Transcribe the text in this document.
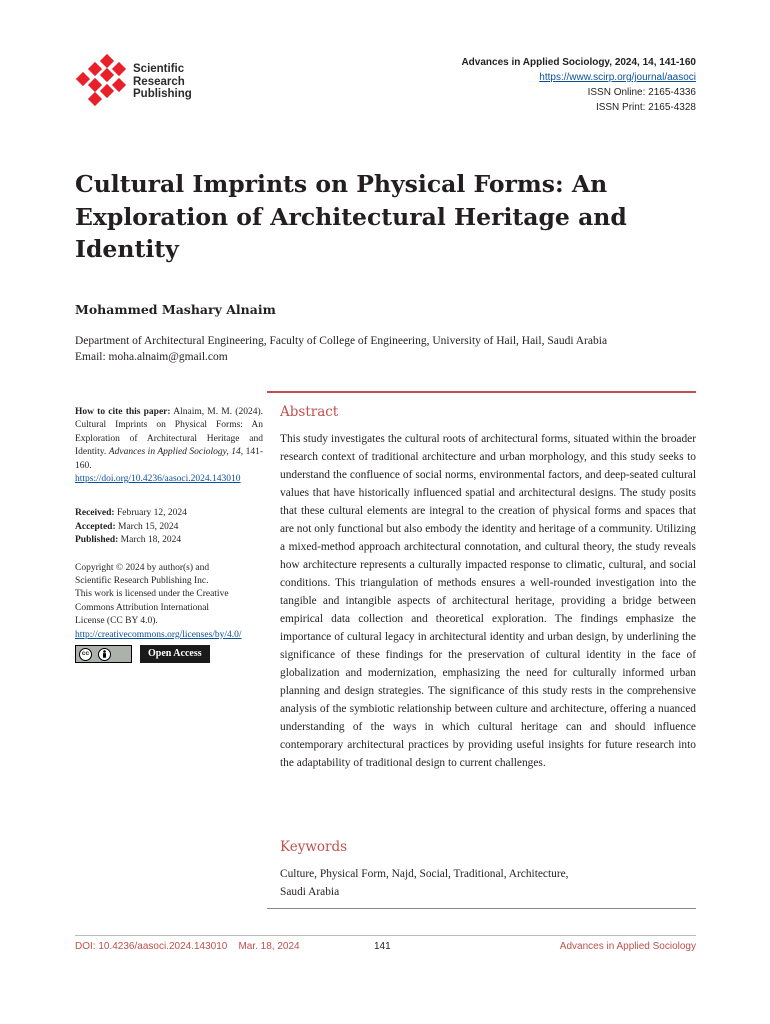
Scientific
Research
Publishing
Advances in Applied Sociology, 2024, 14, 141-160
https://www.scirp.org/journal/aasoci
ISSN Online: 2165-4336
ISSN Print: 2165-4328
Cultural Imprints on Physical Forms: An Exploration of Architectural Heritage and Identity

Mohammed Mashary Alnaim

Department of Architectural Engineering, Faculty of College of Engineering, University of Hail, Hail, Saudi Arabia
Email: moha.alnaim@gmail.com
How to cite this paper: Alnaim, M. M. (2024). Cultural Imprints on Physical Forms: An Exploration of Architectural Heritage and Identity. Advances in Applied Sociology, 14, 141-160.
https://doi.org/10.4236/aasoci.2024.143010
Received: February 12, 2024
Accepted: March 15, 2024
Published: March 18, 2024
Copyright © 2024 by author(s) and
Scientific Research Publishing Inc.
This work is licensed under the Creative
Commons Attribution International
License (CC BY 4.0).
http://creativecommons.org/licenses/by/4.0/
cc	Open Access
Abstract

This study investigates the cultural roots of architectural forms, situated within the broader research context of traditional architecture and urban morphology, and this study seeks to understand the confluence of social norms, environmental factors, and deep-seated cultural values that have historically influenced spatial and architectural designs. The study posits that these cultural elements are integral to the creation of physical forms and spaces that are not only functional but also embody the identity and heritage of a community. Utilizing a mixed-method approach architectural connotation, and cultural theory, the study reveals how architecture represents a culturally impacted response to climatic, cultural, and social conditions. This triangulation of methods ensures a well-rounded investigation into the tangible and intangible aspects of architectural heritage, providing a bridge between empirical data collection and theoretical exploration. The findings emphasize the importance of cultural legacy in architectural identity and urban design, by underlining the significance of these findings for the preservation of cultural identity in the face of globalization and modernization, emphasizing the need for culturally informed urban planning and design strategies. The significance of this study rests in the comprehensive analysis of the symbiotic relationship between culture and architecture, offering a nuanced understanding of the ways in which cultural heritage can and should influence contemporary architectural practices by providing useful insights for future research into the adaptability of traditional design to current challenges.

Keywords
Culture, Physical Form, Najd, Social, Traditional, Architecture,
Saudi Arabia
DOI: 10.4236/aasoci.2024.143010    Mar. 18, 2024	141	Advances in Applied Sociology
